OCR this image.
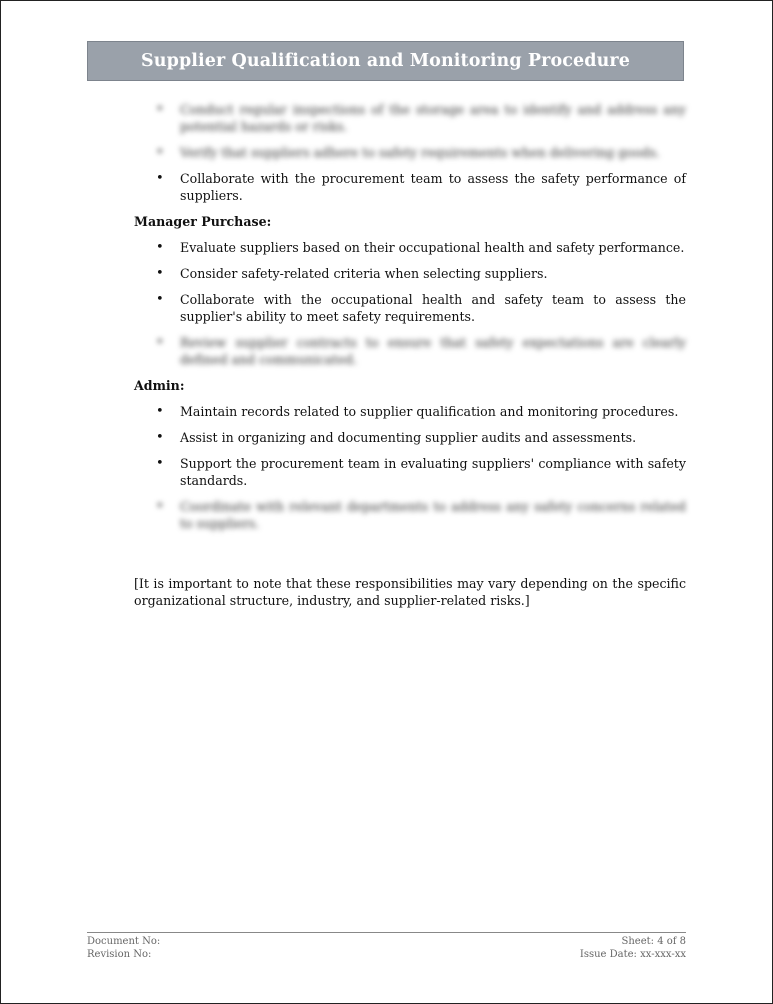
Supplier Qualification and Monitoring Procedure
• Conduct regular inspections of the storage area to identify and address any potential hazards or risks.
• Verify that suppliers adhere to safety requirements when delivering goods.
• Collaborate with the procurement team to assess the safety performance of suppliers.
Manager Purchase:
• Evaluate suppliers based on their occupational health and safety performance.
• Consider safety-related criteria when selecting suppliers.
• Collaborate with the occupational health and safety team to assess the supplier's ability to meet safety requirements.
• Review supplier contracts to ensure that safety expectations are clearly defined and communicated.
Admin:
• Maintain records related to supplier qualification and monitoring procedures.
• Assist in organizing and documenting supplier audits and assessments.
• Support the procurement team in evaluating suppliers' compliance with safety standards.
• Coordinate with relevant departments to address any safety concerns related to suppliers.
[It is important to note that these responsibilities may vary depending on the specific organizational structure, industry, and supplier-related risks.]
Document No:	Sheet: 4 of 8
Revision No:	Issue Date: xx-xxx-xx
